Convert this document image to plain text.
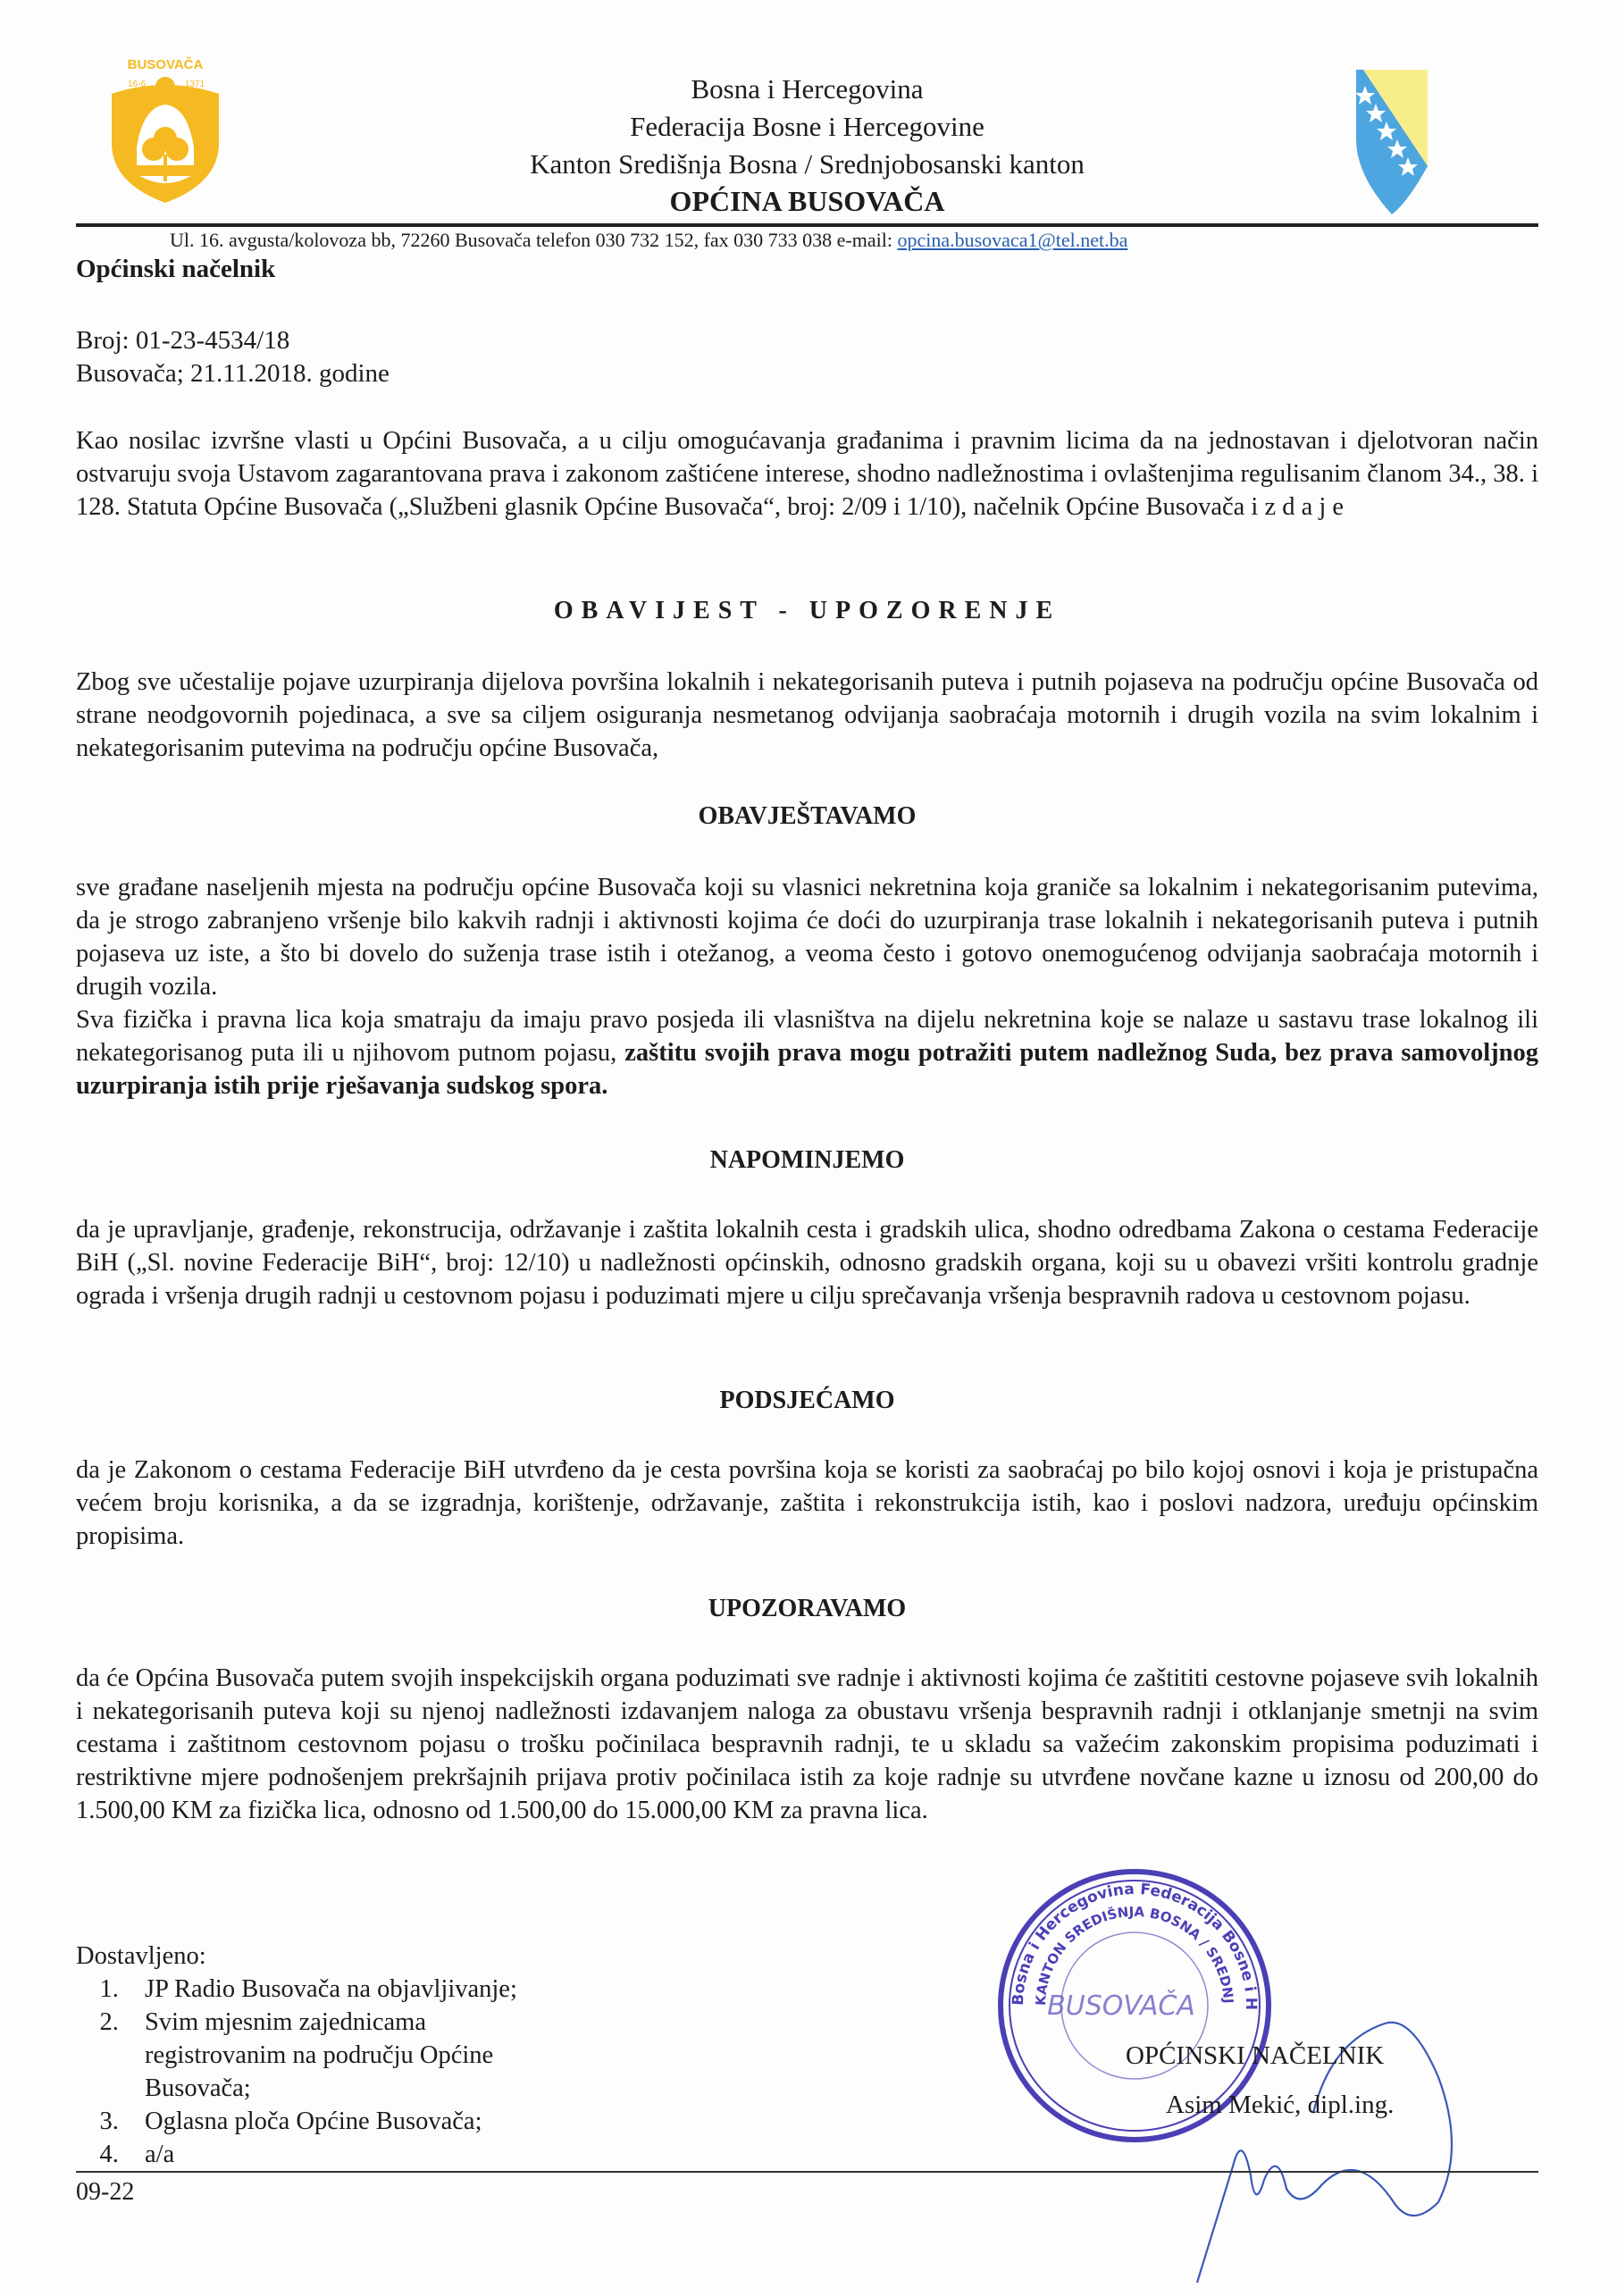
BUSOVAČA
16-6	1371	Bosna i Hercegovina
Federacija Bosne i Hercegovine
Kanton Središnja Bosna / Srednjobosanski kanton
OPĆINA BUSOVAČA
Ul. 16. avgusta/kolovoza bb, 72260 Busovača telefon 030 732 152, fax 030 733 038 e-mail: opcina.busovaca1@tel.net.ba
Općinski načelnik
Broj: 01-23-4534/18
Busovača; 21.11.2018. godine
Kao nosilac izvršne vlasti u Općini Busovača, a u cilju omogućavanja građanima i pravnim licima da na jednostavan i djelotvoran način ostvaruju svoja Ustavom zagarantovana prava i zakonom zaštićene interese, shodno nadležnostima i ovlaštenjima regulisanim članom 34., 38. i 128. Statuta Općine Busovača („Službeni glasnik Općine Busovača“, broj: 2/09 i 1/10), načelnik Općine Busovača i z d a j e
OBAVIJEST - UPOZORENJE
Zbog sve učestalije pojave uzurpiranja dijelova površina lokalnih i nekategorisanih puteva i putnih pojaseva na području općine Busovača od strane neodgovornih pojedinaca, a sve sa ciljem osiguranja nesmetanog odvijanja saobraćaja motornih i drugih vozila na svim lokalnim i nekategorisanim putevima na području općine Busovača,
OBAVJEŠTAVAMO
sve građane naseljenih mjesta na području općine Busovača koji su vlasnici nekretnina koja graniče sa lokalnim i nekategorisanim putevima, da je strogo zabranjeno vršenje bilo kakvih radnji i aktivnosti kojima će doći do uzurpiranja trase lokalnih i nekategorisanih puteva i putnih pojaseva uz iste, a što bi dovelo do suženja trase istih i otežanog, a veoma često i gotovo onemogućenog odvijanja saobraćaja motornih i drugih vozila.
Sva fizička i pravna lica koja smatraju da imaju pravo posjeda ili vlasništva na dijelu nekretnina koje se nalaze u sastavu trase lokalnog ili nekategorisanog puta ili u njihovom putnom pojasu, zaštitu svojih prava mogu potražiti putem nadležnog Suda, bez prava samovoljnog uzurpiranja istih prije rješavanja sudskog spora.
NAPOMINJEMO
da je upravljanje, građenje, rekonstrucija, održavanje i zaštita lokalnih cesta i gradskih ulica, shodno odredbama Zakona o cestama Federacije BiH („Sl. novine Federacije BiH“, broj: 12/10) u nadležnosti općinskih, odnosno gradskih organa, koji su u obavezi vršiti kontrolu gradnje ograda i vršenja drugih radnji u cestovnom pojasu i poduzimati mjere u cilju sprečavanja vršenja bespravnih radova u cestovnom pojasu.
PODSJEĆAMO
da je Zakonom o cestama Federacije BiH utvrđeno da je cesta površina koja se koristi za saobraćaj po bilo kojoj osnovi i koja je pristupačna većem broju korisnika, a da se izgradnja, korištenje, održavanje, zaštita i rekonstrukcija istih, kao i poslovi nadzora, uređuju općinskim propisima.
UPOZORAVAMO
da će Općina Busovača putem svojih inspekcijskih organa poduzimati sve radnje i aktivnosti kojima će zaštititi cestovne pojaseve svih lokalnih i nekategorisanih puteva koji su njenoj nadležnosti izdavanjem naloga za obustavu vršenja bespravnih radnji i otklanjanje smetnji na svim cestama i zaštitnom cestovnom pojasu o trošku počinilaca bespravnih radnji, te u skladu sa važećim zakonskim propisima poduzimati i restriktivne mjere podnošenjem prekršajnih prijava protiv počinilaca istih za koje radnje su utvrđene novčane kazne u iznosu od 200,00 do 1.500,00 KM za fizička lica, odnosno od 1.500,00 do 15.000,00 KM za pravna lica.
Dostavljeno:
1. JP Radio Busovača na objavljivanje;
2. Svim mjesnim zajednicama registrovanim na području Općine Busovača;
3. Oglasna ploča Općine Busovača;
4. a/a
Bosna i Hercegovina Federacija Bosne i H
KANTON SREDIŠNJA BOSNA / SREDNJ
BUSOVAČA
OPĆINSKI NAČELNIK
Asim Mekić, dipl.ing.
09-22
